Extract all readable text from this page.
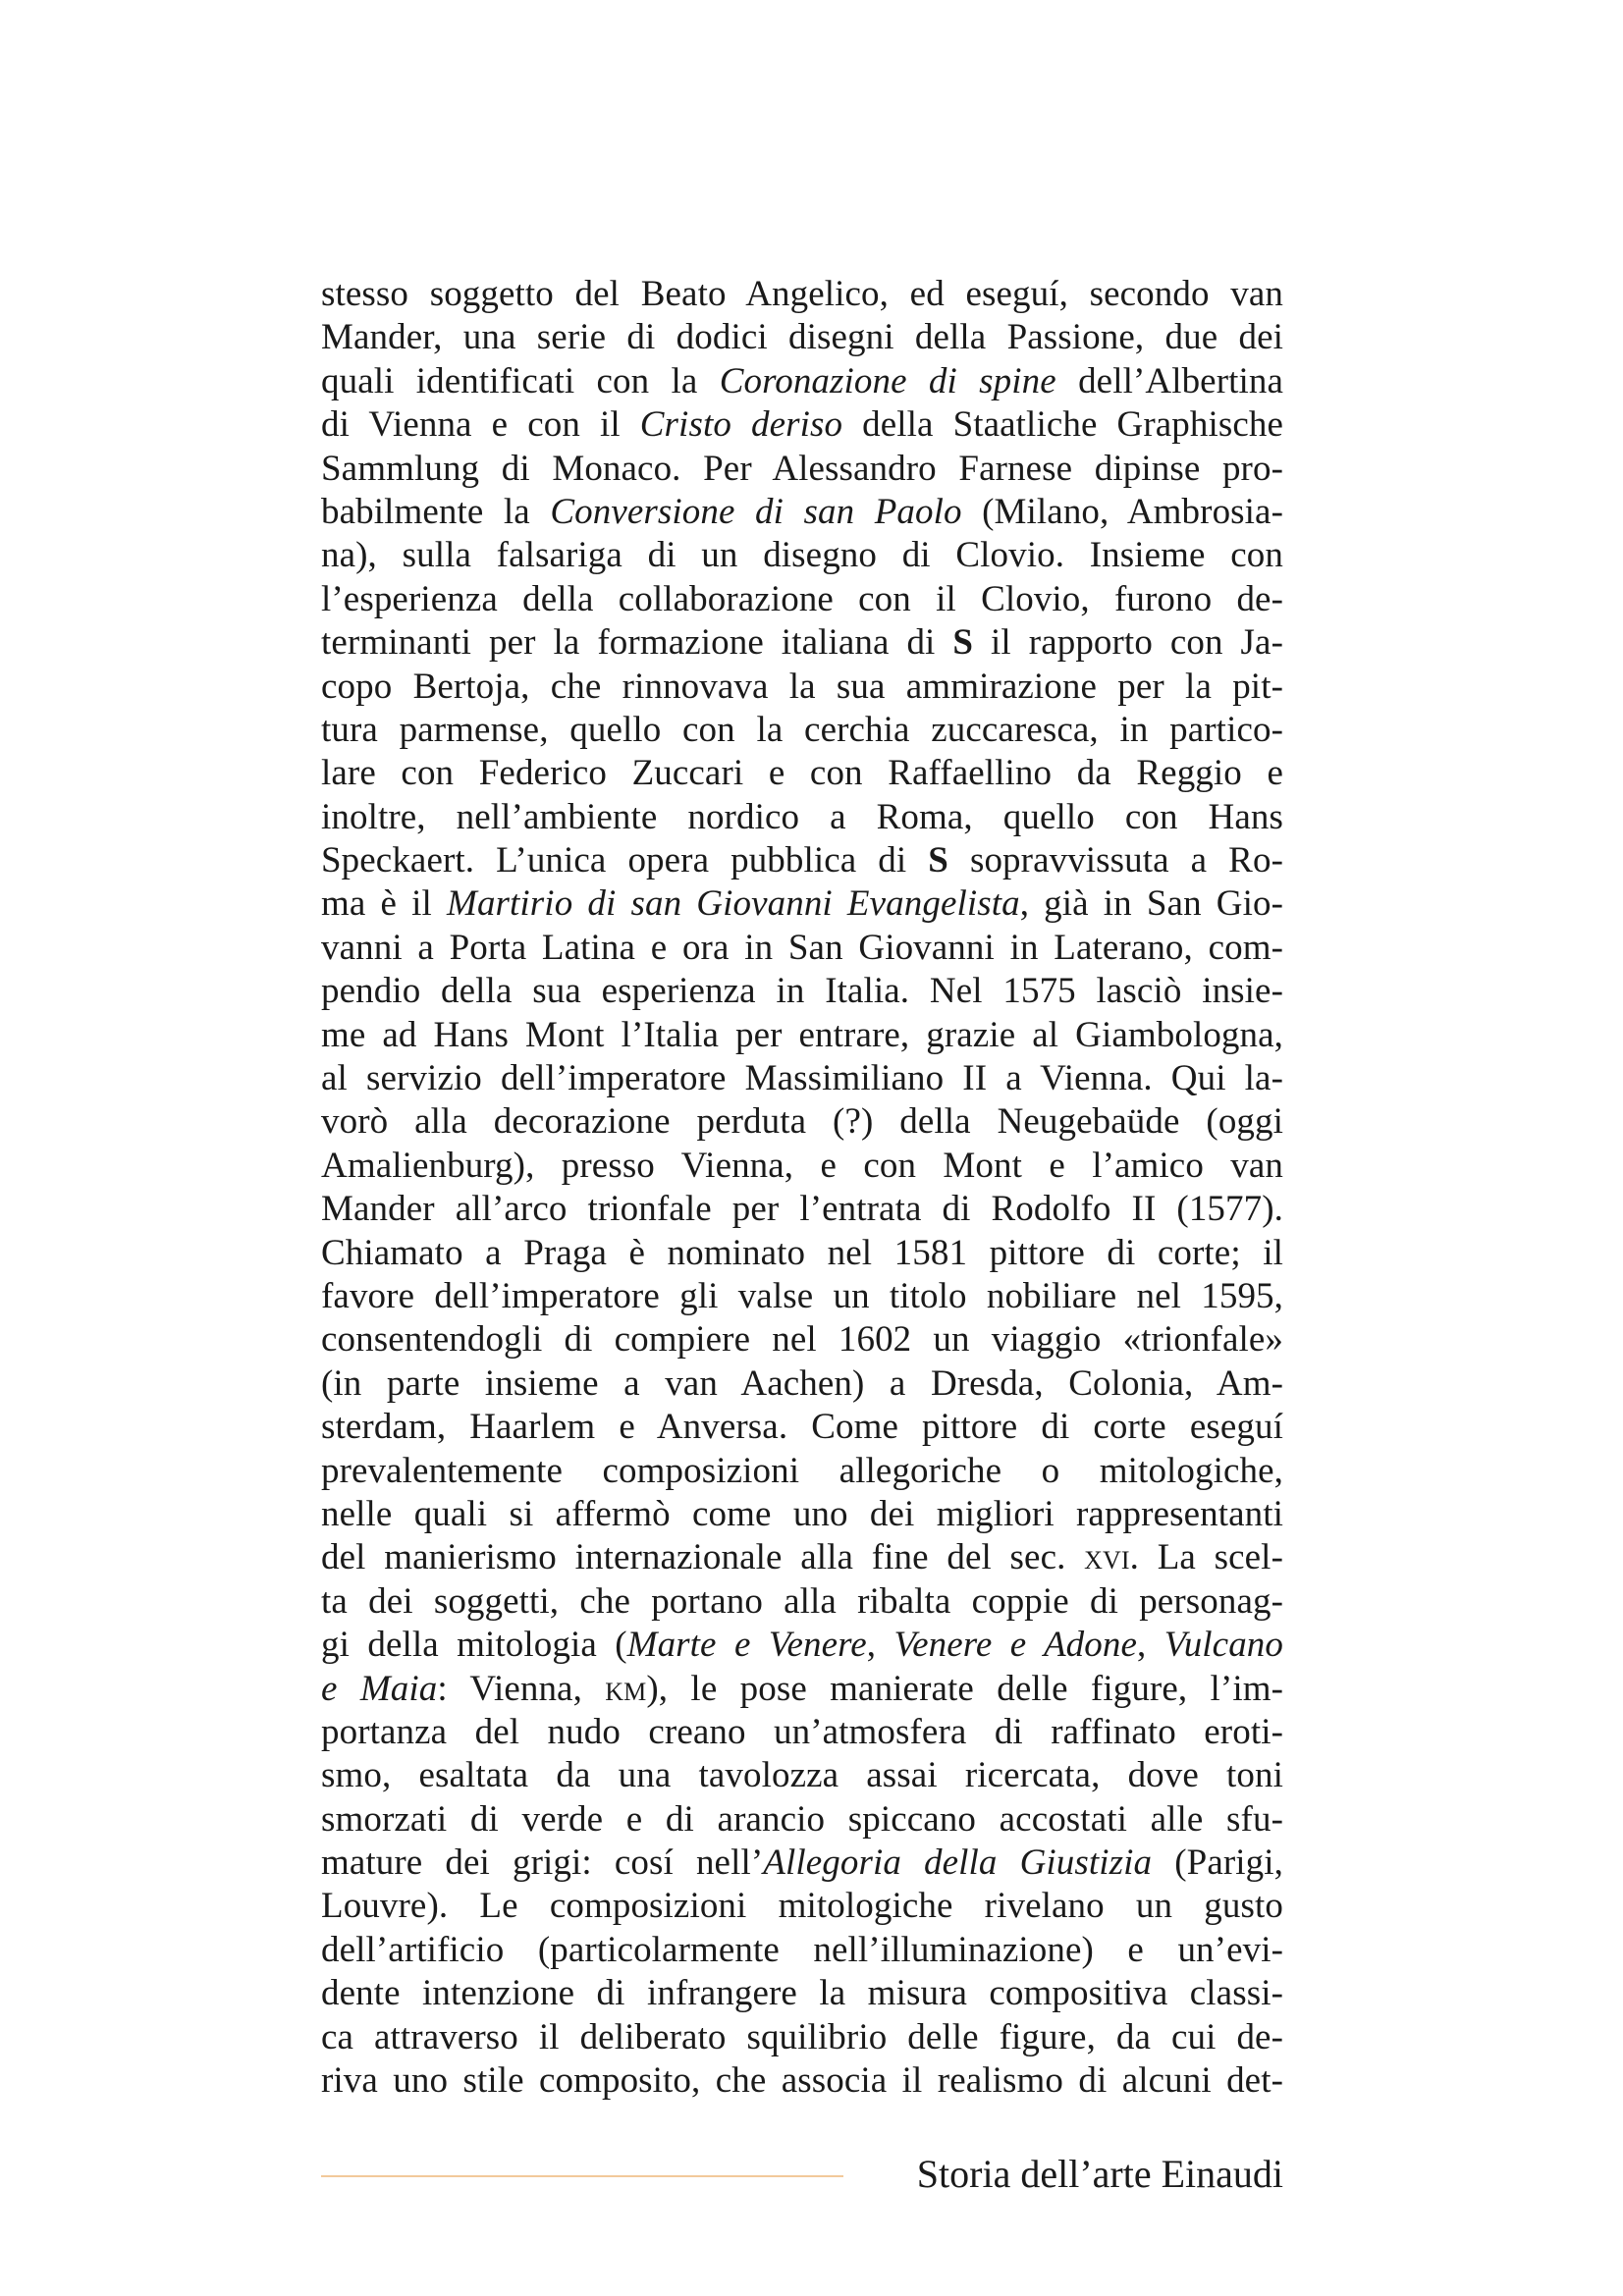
stesso soggetto del Beato Angelico, ed eseguí, secondo van
Mander, una serie di dodici disegni della Passione, due dei
quali identificati con la Coronazione di spine dell’Albertina
di Vienna e con il Cristo deriso della Staatliche Graphische
Sammlung di Monaco. Per Alessandro Farnese dipinse pro-
babilmente la Conversione di san Paolo (Milano, Ambrosia-
na), sulla falsariga di un disegno di Clovio. Insieme con
l’esperienza della collaborazione con il Clovio, furono de-
terminanti per la formazione italiana di S il rapporto con Ja-
copo Bertoja, che rinnovava la sua ammirazione per la pit-
tura parmense, quello con la cerchia zuccaresca, in partico-
lare con Federico Zuccari e con Raffaellino da Reggio e
inoltre, nell’ambiente nordico a Roma, quello con Hans
Speckaert. L’unica opera pubblica di S sopravvissuta a Ro-
ma è il Martirio di san Giovanni Evangelista, già in San Gio-
vanni a Porta Latina e ora in San Giovanni in Laterano, com-
pendio della sua esperienza in Italia. Nel 1575 lasciò insie-
me ad Hans Mont l’Italia per entrare, grazie al Giambologna,
al servizio dell’imperatore Massimiliano II a Vienna. Qui la-
vorò alla decorazione perduta (?) della Neugebaüde (oggi
Amalienburg), presso Vienna, e con Mont e l’amico van
Mander all’arco trionfale per l’entrata di Rodolfo II (1577).
Chiamato a Praga è nominato nel 1581 pittore di corte; il
favore dell’imperatore gli valse un titolo nobiliare nel 1595,
consentendogli di compiere nel 1602 un viaggio «trionfale»
(in parte insieme a van Aachen) a Dresda, Colonia, Am-
sterdam, Haarlem e Anversa. Come pittore di corte eseguí
prevalentemente composizioni allegoriche o mitologiche,
nelle quali si affermò come uno dei migliori rappresentanti
del manierismo internazionale alla fine del sec. xvi. La scel-
ta dei soggetti, che portano alla ribalta coppie di personag-
gi della mitologia (Marte e Venere, Venere e Adone, Vulcano
e Maia: Vienna, km), le pose manierate delle figure, l’im-
portanza del nudo creano un’atmosfera di raffinato eroti-
smo, esaltata da una tavolozza assai ricercata, dove toni
smorzati di verde e di arancio spiccano accostati alle sfu-
mature dei grigi: cosí nell’Allegoria della Giustizia (Parigi,
Louvre). Le composizioni mitologiche rivelano un gusto
dell’artificio (particolarmente nell’illuminazione) e un’evi-
dente intenzione di infrangere la misura compositiva classi-
ca attraverso il deliberato squilibrio delle figure, da cui de-
riva uno stile composito, che associa il realismo di alcuni det-
Storia dell’arte Einaudi
